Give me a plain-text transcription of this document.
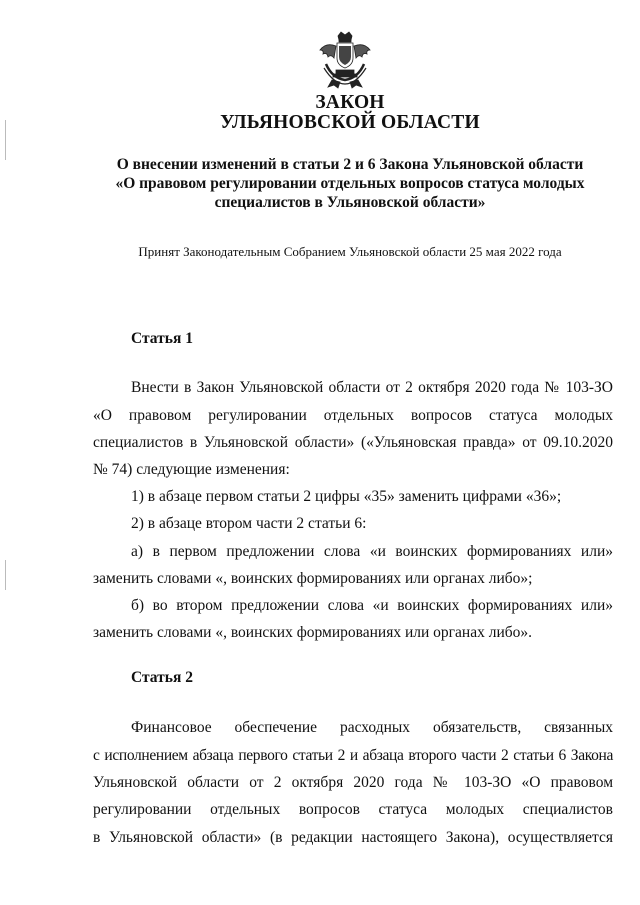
ЗАКОН
УЛЬЯНОВСКОЙ ОБЛАСТИ
О внесении изменений в статьи 2 и 6 Закона Ульяновской области
«О правовом регулировании отдельных вопросов статуса молодых
специалистов в Ульяновской области»
Принят Законодательным Собранием Ульяновской области 25 мая 2022 года
Статья 1
Внести в Закон Ульяновской области от 2 октября 2020 года № 103-ЗО
«О правовом регулировании отдельных вопросов статуса молодых
специалистов в Ульяновской области» («Ульяновская правда» от 09.10.2020
№ 74) следующие изменения:
1) в абзаце первом статьи 2 цифры «35» заменить цифрами «36»;
2) в абзаце втором части 2 статьи 6:
а) в первом предложении слова «и воинских формированиях или»
заменить словами «, воинских формированиях или органах либо»;
б) во втором предложении слова «и воинских формированиях или»
заменить словами «, воинских формированиях или органах либо».
Статья 2
Финансовое обеспечение расходных обязательств, связанных
с исполнением абзаца первого статьи 2 и абзаца второго части 2 статьи 6 Закона
Ульяновской области от 2 октября 2020 года № 103-ЗО «О правовом
регулировании отдельных вопросов статуса молодых специалистов
в Ульяновской области» (в редакции настоящего Закона), осуществляется
